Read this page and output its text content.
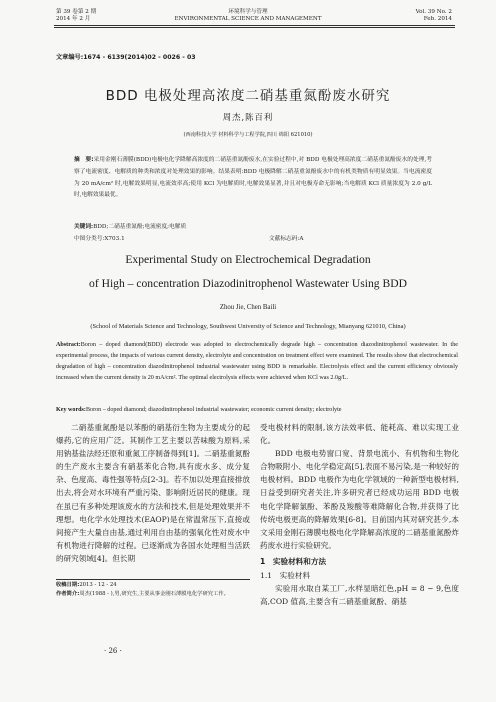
第 39 卷第 2 期
2014 年 2 月
环境科学与管理
ENVIRONMENTAL SCIENCE AND MANAGEMENT
Vol. 39 No. 2
Feb. 2014
文章编号:1674 - 6139(2014)02 - 0026 - 03
BDD 电极处理高浓度二硝基重氮酚废水研究
周杰,陈百利
(西南科技大学 材料科学与工程学院,四川 绵阳 621010)
摘　要:采用金刚石薄膜(BDD)电极电化学降解高浓度的二硝基重氮酚废水,在实验过程中,对 BDD 电极处理高浓度二硝基重氮酚废水的处理,考察了电流密度、电解质的种类和浓度对处理效果的影响。结果表明:BDD 电极降解二硝基重氮酚废水中的有机类物质有明显效果。当电流密度为 20 mA/cm² 时,电解效果明显,电流效率高;使用 KCl 为电解质时,电解效果显著,并且对电极寿命无影响;当电解质 KCl 质量浓度为 2.0 g/L 时,电解效果最优。
关键词:BDD;二硝基重氮酚;电流密度;电解质
中图分类号:X703.1	文献标志码:A
Experimental Study on Electrochemical Degradation
of High – concentration Diazodinitrophenol Wastewater Using BDD
Zhou Jie, Chen Baili
(School of Materials Science and Technology, Southwest University of Science and Technology, Mianyang 621010, China)
Abstract:Boron – doped diamond(BDD) electrode was adopted to electrochemically degrade high – concentration diazodinitrophenol wastewater. In the experimental process, the impacts of various current density, electrolyte and concentration on treatment effect were examined. The results show that electrochemical degradation of high – concentration diazodinitrophenol industrial wastewater using BDD is remarkable. Electrolysis effect and the current efficiency obviously increased when the current density is 20 mA/cm². The optimal electrolysis effects were achieved when KCl was 2.0g/L.
Key words:Boron – doped diamond; diazodinitrophenol industrial wastewater; economic current density; electrolyte

二硝基重氮酚是以苯酚的硝基衍生物为主要成分的起爆药,它的应用广泛。其制作工艺主要以苦味酸为原料,采用钠基盐法经还原和重氮工序制备得到[1]。二硝基重氮酚的生产废水主要含有硝基苯化合物,具有废水多、成分复杂、色度高、毒性强等特点[2-3]。若不加以处理直接排放出去,将会对水环境有严重污染、影响附近居民的健康。现在虽已有多种处理该废水的方法和技术,但是处理效果并不理想。电化学水处理技术(EAOP)是在常温常压下,直接或间接产生大量自由基,通过利用自由基的强氧化性对废水中有机物进行降解的过程。已逐渐成为各国水处理相当活跃的研究领域[4]。但长期

受电极材料的限制,该方法效率低、能耗高、难以实现工业化。

BDD 电极电势窗口宽、背景电流小、有机物和生物化合物吸附小、电化学稳定高[5],表面不易污染,是一种较好的电极材料。BDD 电极作为电化学领域的一种新型电极材料,日益受到研究者关注,许多研究者已经成功运用 BDD 电极电化学降解氯酚、苯酚及羧酸等难降解化合物,并获得了比传统电极更高的降解效果[6-8]。目前国内其对研究甚少,本文采用金刚石薄膜电极电化学降解高浓度的二硝基重氮酚炸药废水进行实验研究。

1　实验材料和方法
1.1　实验材料

实验用水取自某工厂,水样显暗红色,pH = 8 ~ 9,色度高,COD 值高,主要含有二硝基重氮酚、硝基

收稿日期:2013 - 12 - 24
作者简介:周杰(1988 - ),男,研究生,主要从事金刚石薄膜电化学研究工作。
· 26 ·
